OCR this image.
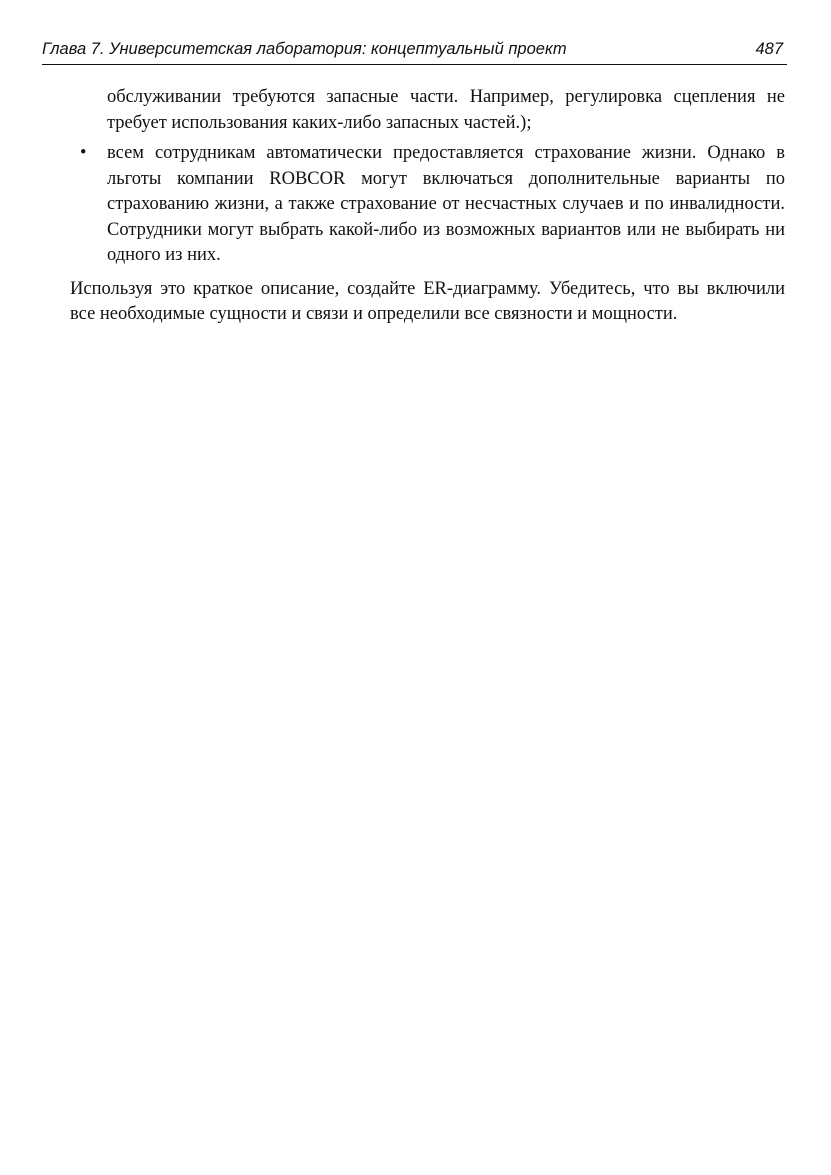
Глава 7. Университетская лаборатория: концептуальный проект	487

обслуживании требуются запасные части. Например, регулировка сцепления не требует использования каких-либо запасных частей.);

• всем сотрудникам автоматически предоставляется страхование жизни. Однако в льготы компании ROBCOR могут включаться дополнительные варианты по страхованию жизни, а также страхование от несчастных случаев и по инвалидности. Сотрудники могут выбрать какой-либо из возможных вариантов или не выбирать ни одного из них.

Используя это краткое описание, создайте ER-диаграмму. Убедитесь, что вы включили все необходимые сущности и связи и определили все связности и мощности.
